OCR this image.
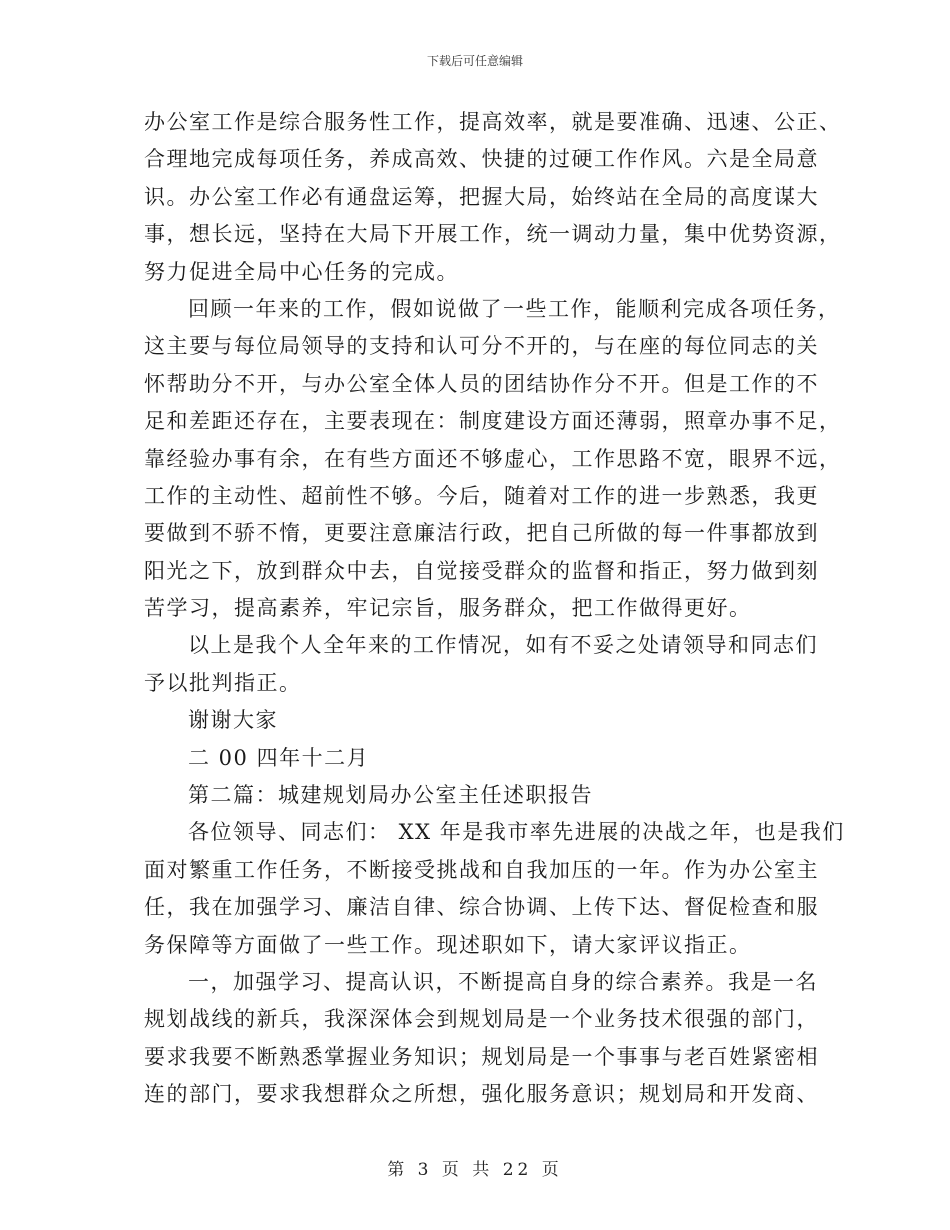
下载后可任意编辑
办公室工作是综合服务性工作，提高效率，就是要准确、迅速、公正、
合理地完成每项任务，养成高效、快捷的过硬工作作风。六是全局意
识。办公室工作必有通盘运筹，把握大局，始终站在全局的高度谋大
事，想长远，坚持在大局下开展工作，统一调动力量，集中优势资源，
努力促进全局中心任务的完成。
回顾一年来的工作，假如说做了一些工作，能顺利完成各项任务，
这主要与每位局领导的支持和认可分不开的，与在座的每位同志的关
怀帮助分不开，与办公室全体人员的团结协作分不开。但是工作的不
足和差距还存在，主要表现在：制度建设方面还薄弱，照章办事不足，
靠经验办事有余，在有些方面还不够虚心，工作思路不宽，眼界不远，
工作的主动性、超前性不够。今后，随着对工作的进一步熟悉，我更
要做到不骄不惰，更要注意廉洁行政，把自己所做的每一件事都放到
阳光之下，放到群众中去，自觉接受群众的监督和指正，努力做到刻
苦学习，提高素养，牢记宗旨，服务群众，把工作做得更好。
以上是我个人全年来的工作情况，如有不妥之处请领导和同志们
予以批判指正。
谢谢大家
二 00 四年十二月
第二篇：城建规划局办公室主任述职报告
各位领导、同志们： XX 年是我市率先进展的决战之年，也是我们
面对繁重工作任务，不断接受挑战和自我加压的一年。作为办公室主
任，我在加强学习、廉洁自律、综合协调、上传下达、督促检查和服
务保障等方面做了一些工作。现述职如下，请大家评议指正。
一，加强学习、提高认识，不断提高自身的综合素养。我是一名
规划战线的新兵，我深深体会到规划局是一个业务技术很强的部门，
要求我要不断熟悉掌握业务知识；规划局是一个事事与老百姓紧密相
连的部门，要求我想群众之所想，强化服务意识；规划局和开发商、
第 3 页 共 22 页
